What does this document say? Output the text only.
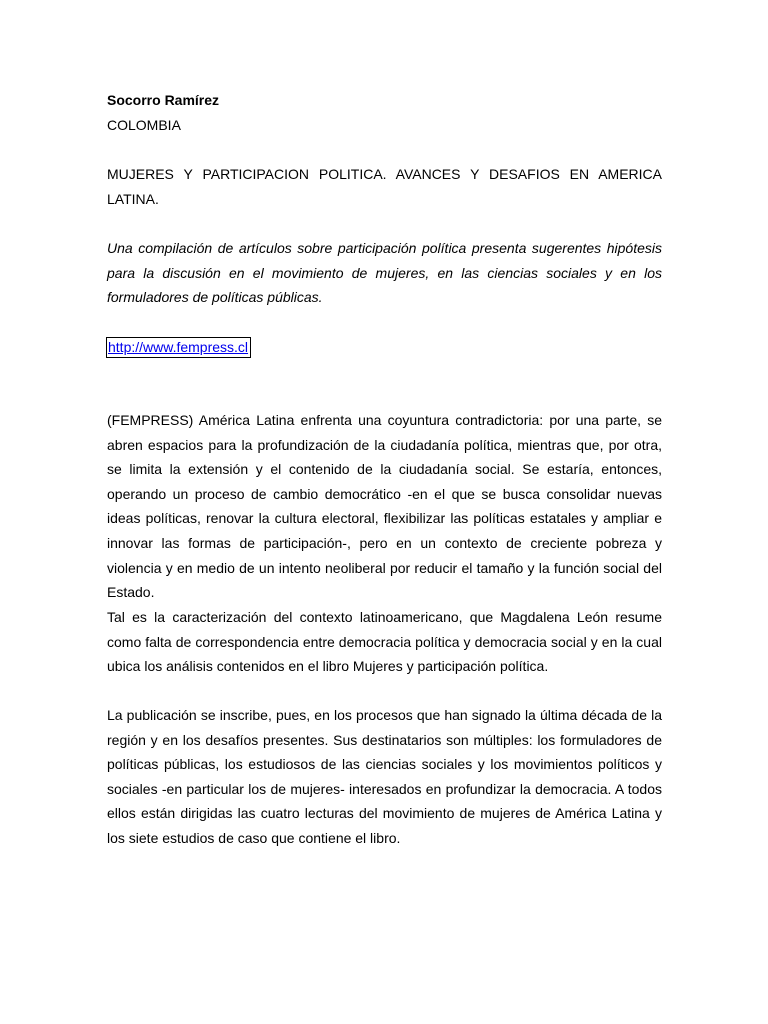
Socorro Ramírez

COLOMBIA

MUJERES Y PARTICIPACION POLITICA. AVANCES Y DESAFIOS EN AMERICA LATINA.

Una compilación de artículos sobre participación política presenta sugerentes hipótesis para la discusión en el movimiento de mujeres, en las ciencias sociales y en los formuladores de políticas públicas.

http://www.fempress.cl

(FEMPRESS) América Latina enfrenta una coyuntura contradictoria: por una parte, se abren espacios para la profundización de la ciudadanía política, mientras que, por otra, se limita la extensión y el contenido de la ciudadanía social. Se estaría, entonces, operando un proceso de cambio democrático -en el que se busca consolidar nuevas ideas políticas, renovar la cultura electoral, flexibilizar las políticas estatales y ampliar e innovar las formas de participación-, pero en un contexto de creciente pobreza y violencia y en medio de un intento neoliberal por reducir el tamaño y la función social del Estado.

Tal es la caracterización del contexto latinoamericano, que Magdalena León resume como falta de correspondencia entre democracia política y democracia social y en la cual ubica los análisis contenidos en el libro Mujeres y participación política.

La publicación se inscribe, pues, en los procesos que han signado la última década de la región y en los desafíos presentes. Sus destinatarios son múltiples: los formuladores de políticas públicas, los estudiosos de las ciencias sociales y los movimientos políticos y sociales -en particular los de mujeres- interesados en profundizar la democracia. A todos ellos están dirigidas las cuatro lecturas del movimiento de mujeres de América Latina y los siete estudios de caso que contiene el libro.
